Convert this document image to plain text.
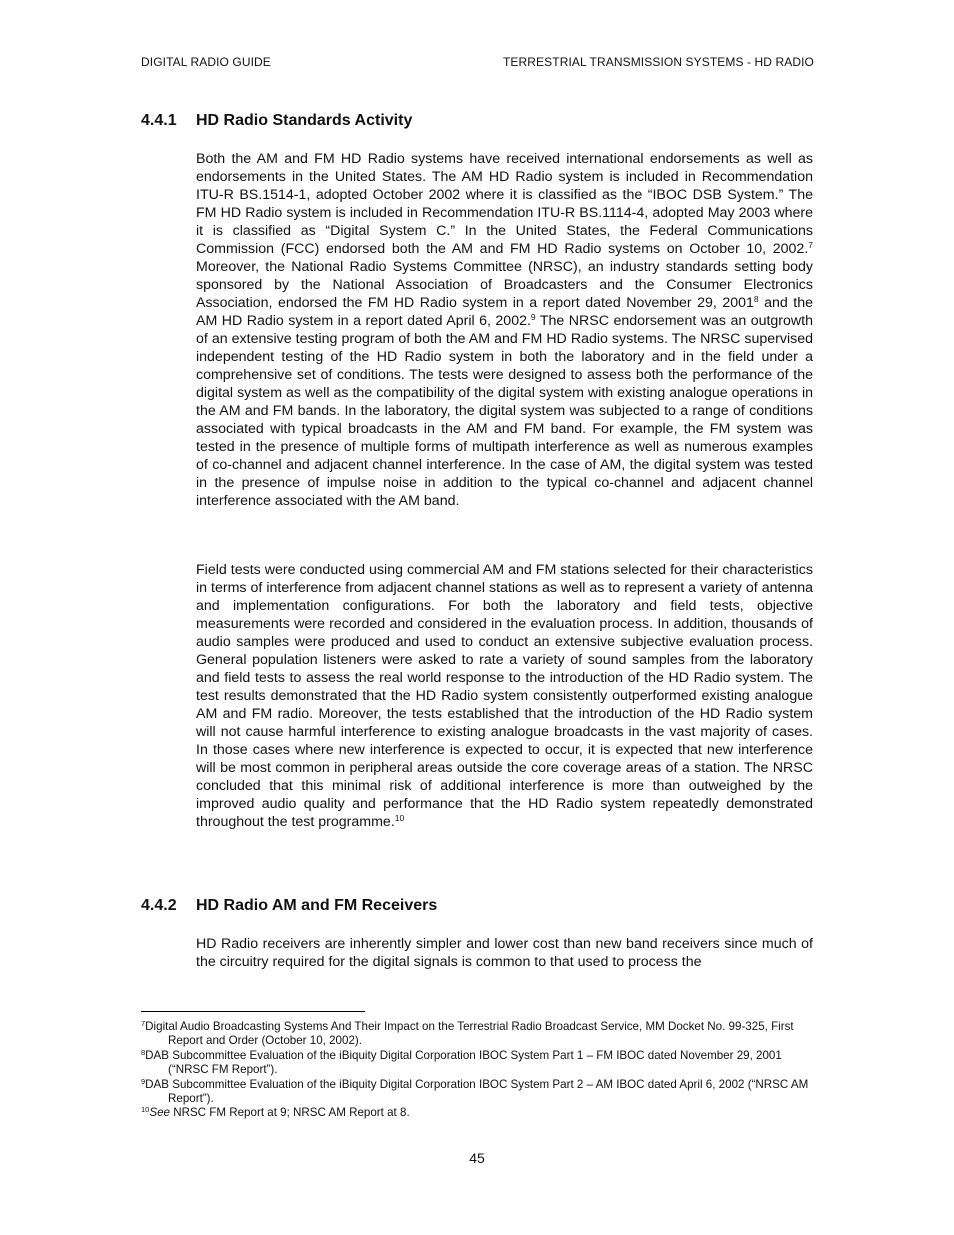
DIGITAL RADIO GUIDE	TERRESTRIAL TRANSMISSION SYSTEMS - HD RADIO
4.4.1 HD Radio Standards Activity

Both the AM and FM HD Radio systems have received international endorsements as well as endorsements in the United States. The AM HD Radio system is included in Recommendation ITU-R BS.1514-1, adopted October 2002 where it is classified as the “IBOC DSB System.” The FM HD Radio system is included in Recommendation ITU-R BS.1114-4, adopted May 2003 where it is classified as “Digital System C.” In the United States, the Federal Communications Commission (FCC) endorsed both the AM and FM HD Radio systems on October 10, 2002.$^7$ Moreover, the National Radio Systems Committee (NRSC), an industry standards setting body sponsored by the National Association of Broadcasters and the Consumer Electronics Association, endorsed the FM HD Radio system in a report dated November 29, 2001$^8$ and the AM HD Radio system in a report dated April 6, 2002.$^9$ The NRSC endorsement was an outgrowth of an extensive testing program of both the AM and FM HD Radio systems. The NRSC supervised independent testing of the HD Radio system in both the laboratory and in the field under a comprehensive set of conditions. The tests were designed to assess both the performance of the digital system as well as the compatibility of the digital system with existing analogue operations in the AM and FM bands. In the laboratory, the digital system was subjected to a range of conditions associated with typical broadcasts in the AM and FM band. For example, the FM system was tested in the presence of multiple forms of multipath interference as well as numerous examples of co-channel and adjacent channel interference. In the case of AM, the digital system was tested in the presence of impulse noise in addition to the typical co-channel and adjacent channel interference associated with the AM band.

Field tests were conducted using commercial AM and FM stations selected for their characteristics in terms of interference from adjacent channel stations as well as to represent a variety of antenna and implementation configurations. For both the laboratory and field tests, objective measurements were recorded and considered in the evaluation process. In addition, thousands of audio samples were produced and used to conduct an extensive subjective evaluation process. General population listeners were asked to rate a variety of sound samples from the laboratory and field tests to assess the real world response to the introduction of the HD Radio system. The test results demonstrated that the HD Radio system consistently outperformed existing analogue AM and FM radio. Moreover, the tests established that the introduction of the HD Radio system will not cause harmful interference to existing analogue broadcasts in the vast majority of cases. In those cases where new interference is expected to occur, it is expected that new interference will be most common in peripheral areas outside the core coverage areas of a station. The NRSC concluded that this minimal risk of additional interference is more than outweighed by the improved audio quality and performance that the HD Radio system repeatedly demonstrated throughout the test programme.$^{10}$

4.4.2 HD Radio AM and FM Receivers

HD Radio receivers are inherently simpler and lower cost than new band receivers since much of the circuitry required for the digital signals is common to that used to process the

$^7$Digital Audio Broadcasting Systems And Their Impact on the Terrestrial Radio Broadcast Service, MM Docket No. 99-325, First Report and Order (October 10, 2002).

$^8$DAB Subcommittee Evaluation of the iBiquity Digital Corporation IBOC System Part 1 – FM IBOC dated November 29, 2001 (“NRSC FM Report”).

$^9$DAB Subcommittee Evaluation of the iBiquity Digital Corporation IBOC System Part 2 – AM IBOC dated April 6, 2002 (“NRSC AM Report”).

$^{10}$See NRSC FM Report at 9; NRSC AM Report at 8.

45
